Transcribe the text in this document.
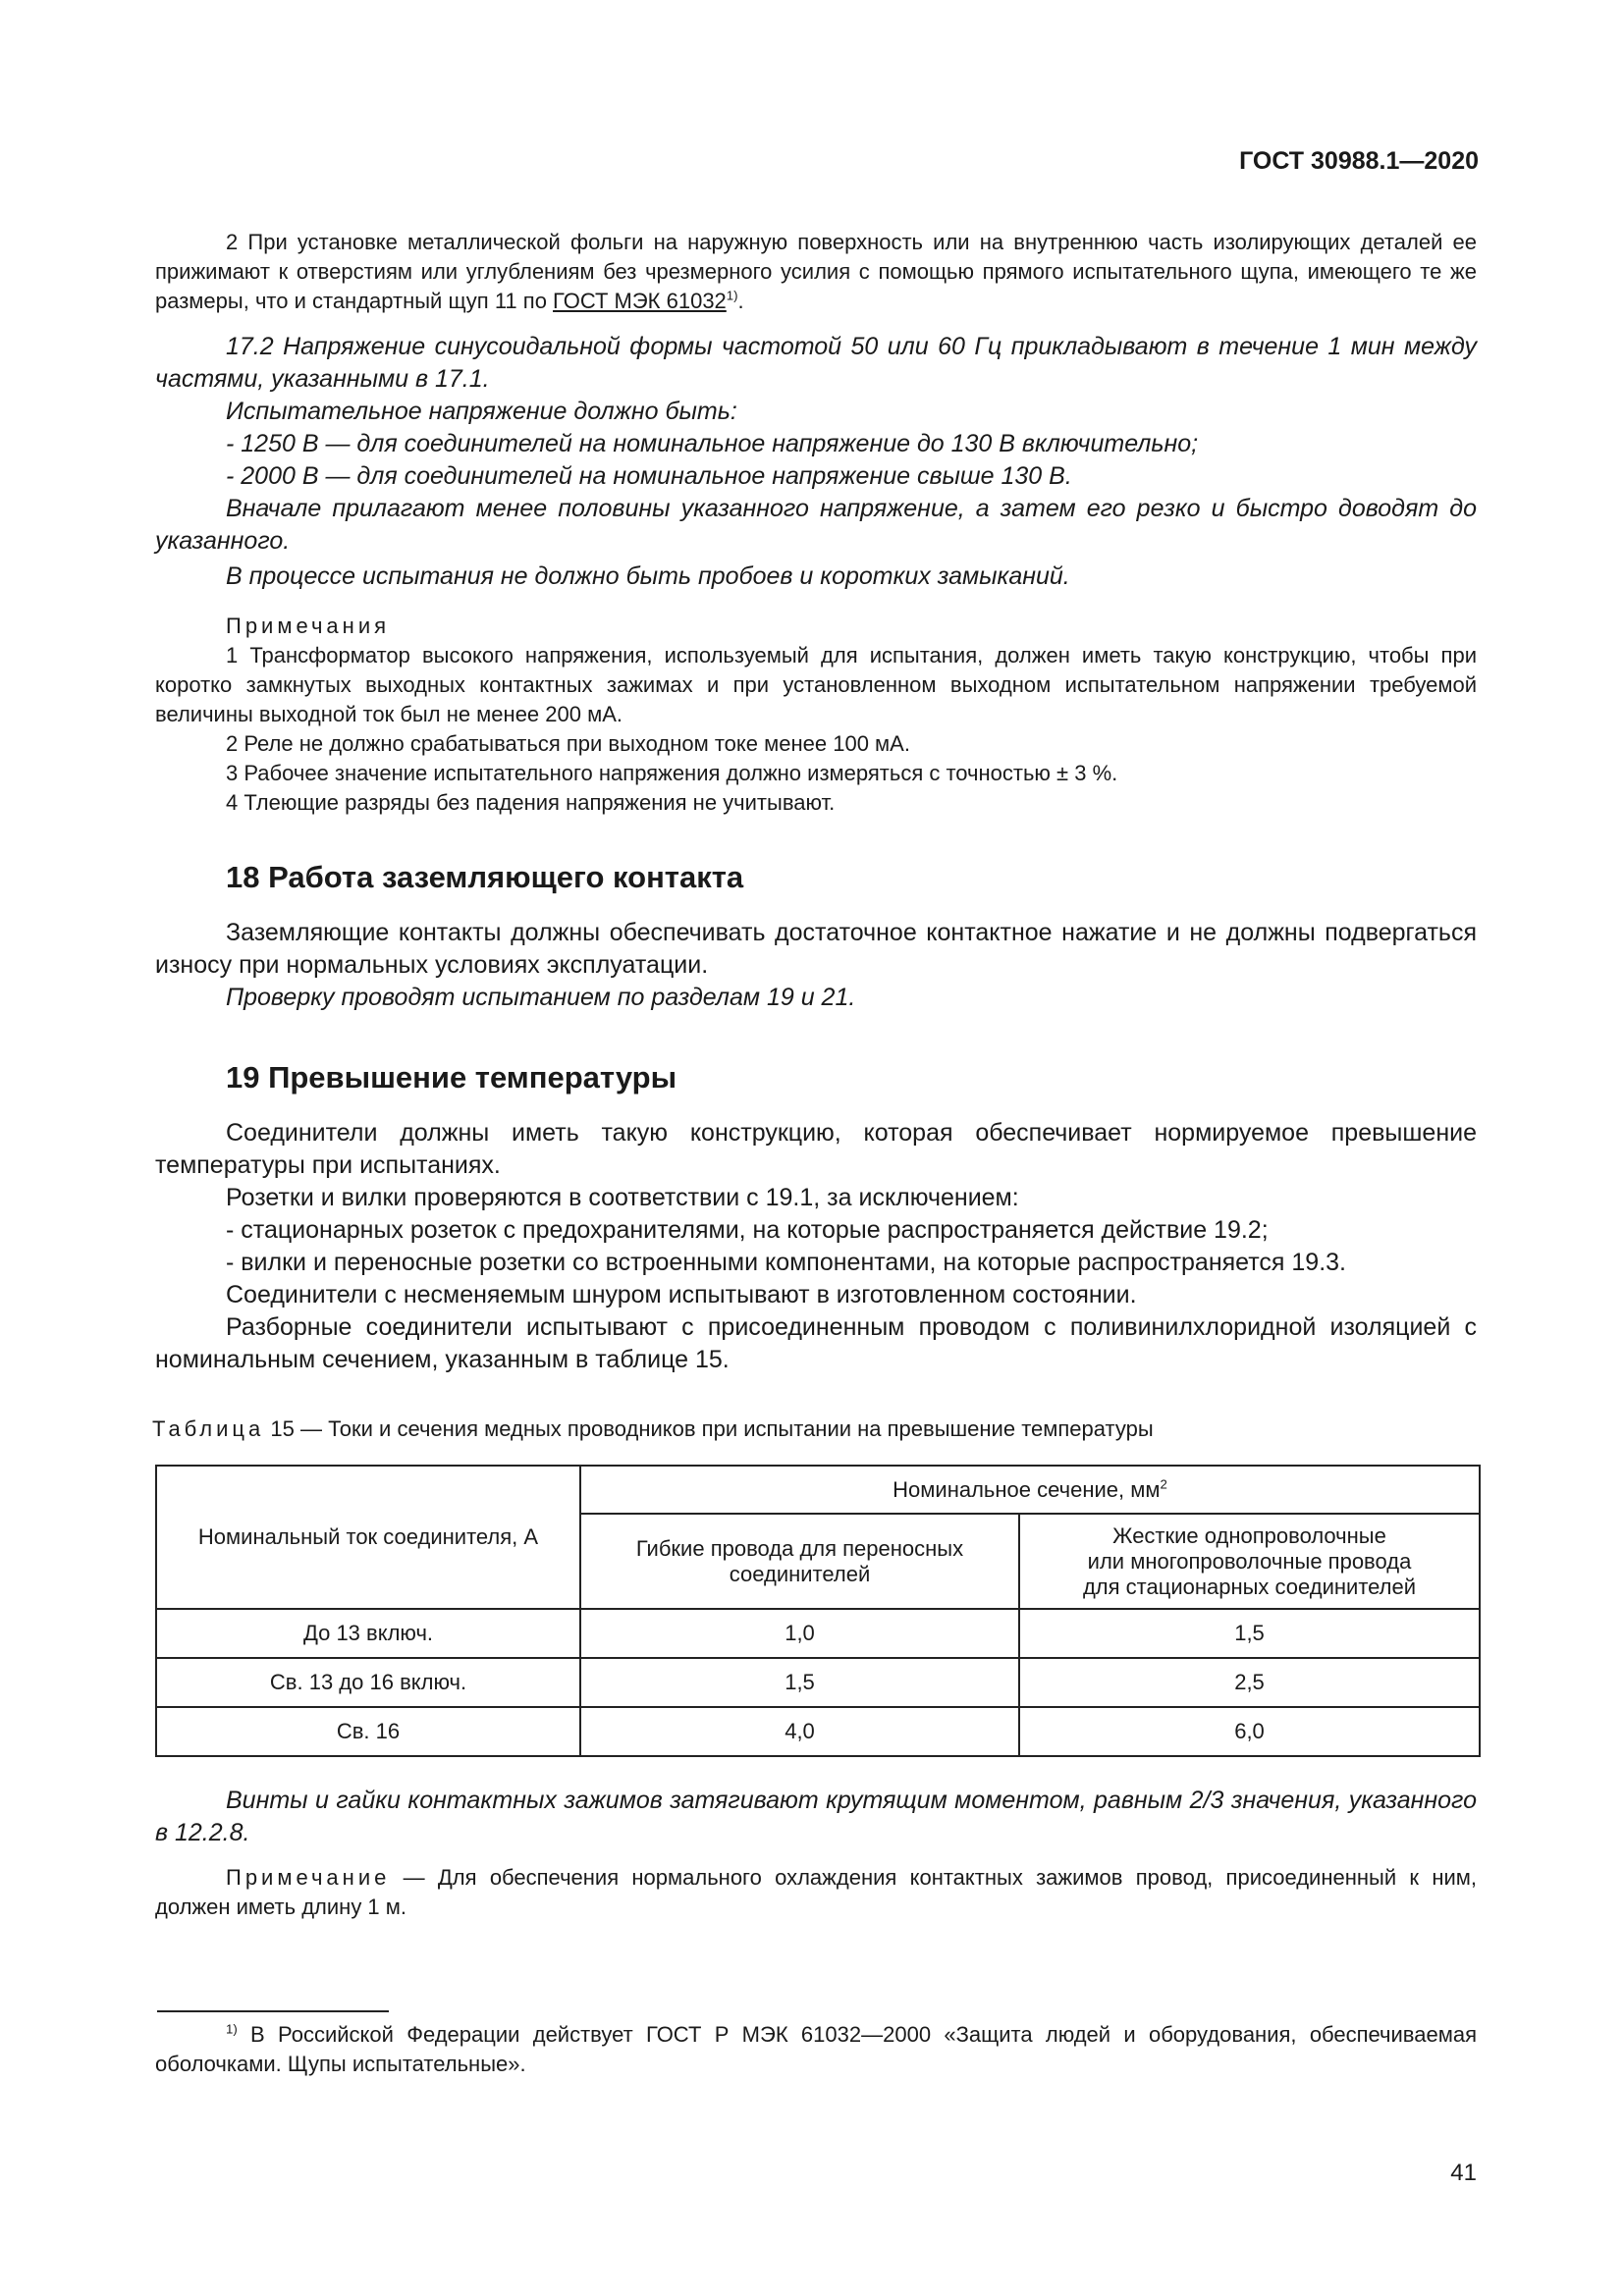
ГОСТ 30988.1—2020

2 При установке металлической фольги на наружную поверхность или на внутреннюю часть изолирующих деталей ее прижимают к отверстиям или углублениям без чрезмерного усилия с помощью прямого испытательного щупа, имеющего те же размеры, что и стандартный щуп 11 по ГОСТ МЭК 61032$^{1)}$.

17.2 Напряжение синусоидальной формы частотой 50 или 60 Гц прикладывают в течение 1 мин между частями, указанными в 17.1.

Испытательное напряжение должно быть:

- 1250 В — для соединителей на номинальное напряжение до 130 В включительно;

- 2000 В — для соединителей на номинальное напряжение свыше 130 В.

Вначале прилагают менее половины указанного напряжение, а затем его резко и быстро доводят до указанного.

В процессе испытания не должно быть пробоев и коротких замыканий.

Примечания

1 Трансформатор высокого напряжения, используемый для испытания, должен иметь такую конструкцию, чтобы при коротко замкнутых выходных контактных зажимах и при установленном выходном испытательном напряжении требуемой величины выходной ток был не менее 200 мА.

2 Реле не должно срабатываться при выходном токе менее 100 мА.

3 Рабочее значение испытательного напряжения должно измеряться с точностью ± 3 %.

4 Тлеющие разряды без падения напряжения не учитывают.

18 Работа заземляющего контакта

Заземляющие контакты должны обеспечивать достаточное контактное нажатие и не должны подвергаться износу при нормальных условиях эксплуатации.

Проверку проводят испытанием по разделам 19 и 21.

19 Превышение температуры

Соединители должны иметь такую конструкцию, которая обеспечивает нормируемое превышение температуры при испытаниях.

Розетки и вилки проверяются в соответствии с 19.1, за исключением:

- стационарных розеток с предохранителями, на которые распространяется действие 19.2;

- вилки и переносные розетки со встроенными компонентами, на которые распространяется 19.3.

Соединители с несменяемым шнуром испытывают в изготовленном состоянии.

Разборные соединители испытывают с присоединенным проводом с поливинилхлоридной изоляцией с номинальным сечением, указанным в таблице 15.

Таблица 15 — Токи и сечения медных проводников при испытании на превышение температуры

Номинальный ток соединителя, А	Номинальное сечение, $мм^2$
	Гибкие провода для переносных соединителей	Жесткие однопроволочные
или многопроволочные провода
для стационарных соединителей
До 13 включ.	1,0	1,5
Св. 13 до 16 включ.	1,5	2,5
Св. 16	4,0	6,0

Винты и гайки контактных зажимов затягивают крутящим моментом, равным 2/3 значения, указанного в 12.2.8.

Примечание — Для обеспечения нормального охлаждения контактных зажимов провод, присоединенный к ним, должен иметь длину 1 м.

$^{1)}$ В Российской Федерации действует ГОСТ Р МЭК 61032—2000 «Защита людей и оборудования, обеспечиваемая оболочками. Щупы испытательные».

41
